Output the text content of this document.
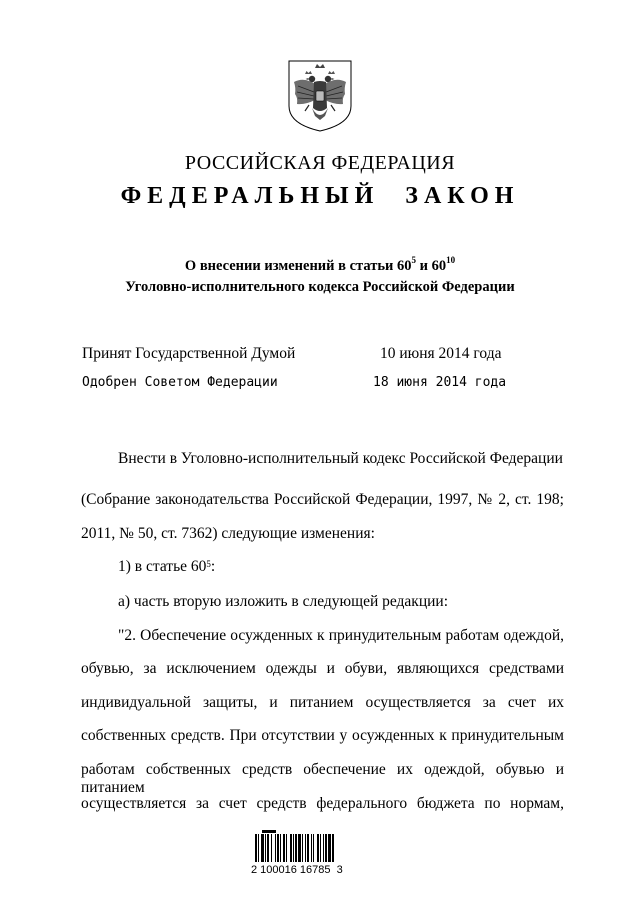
РОССИЙСКАЯ ФЕДЕРАЦИЯ
ФЕДЕРАЛЬНЫЙ ЗАКОН
О внесении изменений в статьи $60^5$ и $60^{10}$
Уголовно-исполнительного кодекса Российской Федерации
Принят Государственной Думой	10 июня 2014 года
Одобрен Советом Федерации	18 июня 2014 года
Внести в Уголовно-исполнительный кодекс Российской Федерации
(Собрание законодательства Российской Федерации, 1997, № 2, ст. 198;
2011, № 50, ст. 7362) следующие изменения:
1) в статье $60^5$:
а) часть вторую изложить в следующей редакции:
"2. Обеспечение осужденных к принудительным работам одеждой,
обувью, за исключением одежды и обуви, являющихся средствами
индивидуальной защиты, и питанием осуществляется за счет их
собственных средств. При отсутствии у осужденных к принудительным
работам собственных средств обеспечение их одеждой, обувью и питанием
осуществляется за счет средств федерального бюджета по нормам,
2 100016 16785  3
